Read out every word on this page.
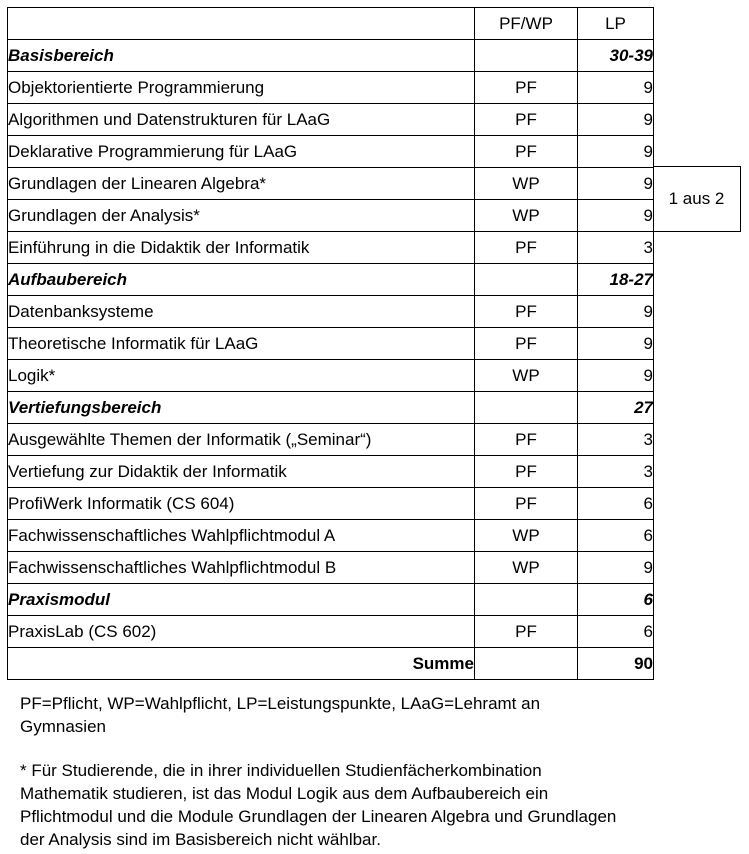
	PF/WP	LP
Basisbereich		30-39
Objektorientierte Programmierung	PF	9
Algorithmen und Datenstrukturen für LAaG	PF	9
Deklarative Programmierung für LAaG	PF	9
Grundlagen der Linearen Algebra*	WP	9
Grundlagen der Analysis*	WP	9
Einführung in die Didaktik der Informatik	PF	3
Aufbaubereich		18-27
Datenbanksysteme	PF	9
Theoretische Informatik für LAaG	PF	9
Logik*	WP	9
Vertiefungsbereich		27
Ausgewählte Themen der Informatik („Seminar“)	PF	3
Vertiefung zur Didaktik der Informatik	PF	3
ProfiWerk Informatik (CS 604)	PF	6
Fachwissenschaftliches Wahlpflichtmodul A	WP	6
Fachwissenschaftliches Wahlpflichtmodul B	WP	9
Praxismodul		6
PraxisLab (CS 602)	PF	6
Summe		90
1 aus 2

PF=Pflicht, WP=Wahlpflicht, LP=Leistungspunkte, LAaG=Lehramt an Gymnasien

* Für Studierende, die in ihrer individuellen Studienfächerkombination Mathematik studieren, ist das Modul Logik aus dem Aufbaubereich ein Pflichtmodul und die Module Grundlagen der Linearen Algebra und Grundlagen der Analysis sind im Basisbereich nicht wählbar.
